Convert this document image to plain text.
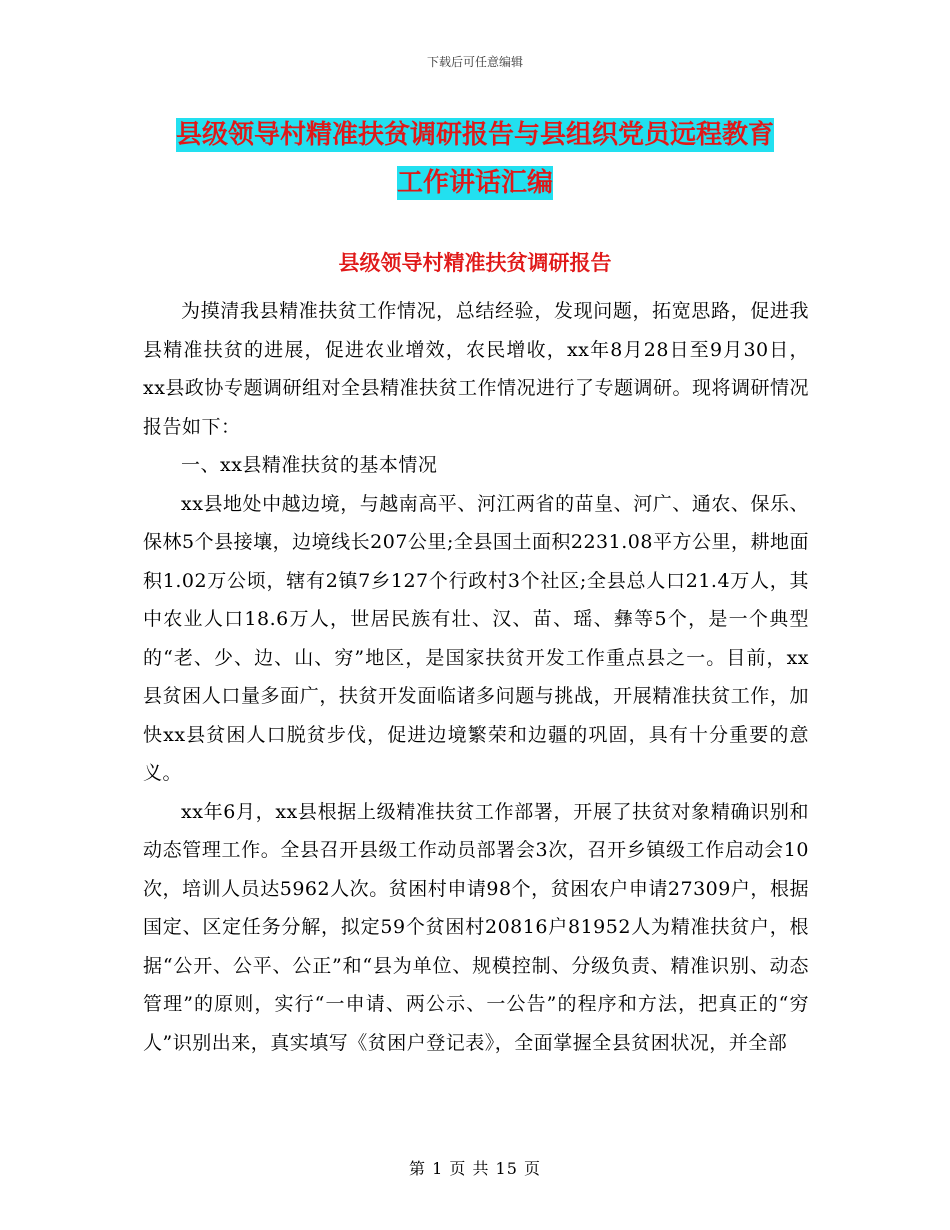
下载后可任意编辑
县级领导村精准扶贫调研报告与县组织党员远程教育
工作讲话汇编
县级领导村精准扶贫调研报告

为摸清我县精准扶贫工作情况，总结经验，发现问题，拓宽思路，促进我县精准扶贫的进展，促进农业增效，农民增收，xx年8月28日至9月30日，xx县政协专题调研组对全县精准扶贫工作情况进行了专题调研。现将调研情况报告如下：

一、xx县精准扶贫的基本情况

xx县地处中越边境，与越南高平、河江两省的苗皇、河广、通农、保乐、保林5个县接壤，边境线长207公里;全县国土面积2231.08平方公里，耕地面积1.02万公顷，辖有2镇7乡127个行政村3个社区;全县总人口21.4万人，其中农业人口18.6万人，世居民族有壮、汉、苗、瑶、彝等5个，是一个典型的“老、少、边、山、穷”地区，是国家扶贫开发工作重点县之一。目前，xx县贫困人口量多面广，扶贫开发面临诸多问题与挑战，开展精准扶贫工作，加快xx县贫困人口脱贫步伐，促进边境繁荣和边疆的巩固，具有十分重要的意义。

xx年6月，xx县根据上级精准扶贫工作部署，开展了扶贫对象精确识别和动态管理工作。全县召开县级工作动员部署会3次，召开乡镇级工作启动会10次，培训人员达5962人次。贫困村申请98个，贫困农户申请27309户，根据国定、区定任务分解，拟定59个贫困村20816户81952人为精准扶贫户，根据“公开、公平、公正”和“县为单位、规模控制、分级负责、精准识别、动态管理”的原则，实行“一申请、两公示、一公告”的程序和方法，把真正的“穷人”识别出来，真实填写《贫困户登记表》，全面掌握全县贫困状况，并全部

第 1 页 共 15 页
